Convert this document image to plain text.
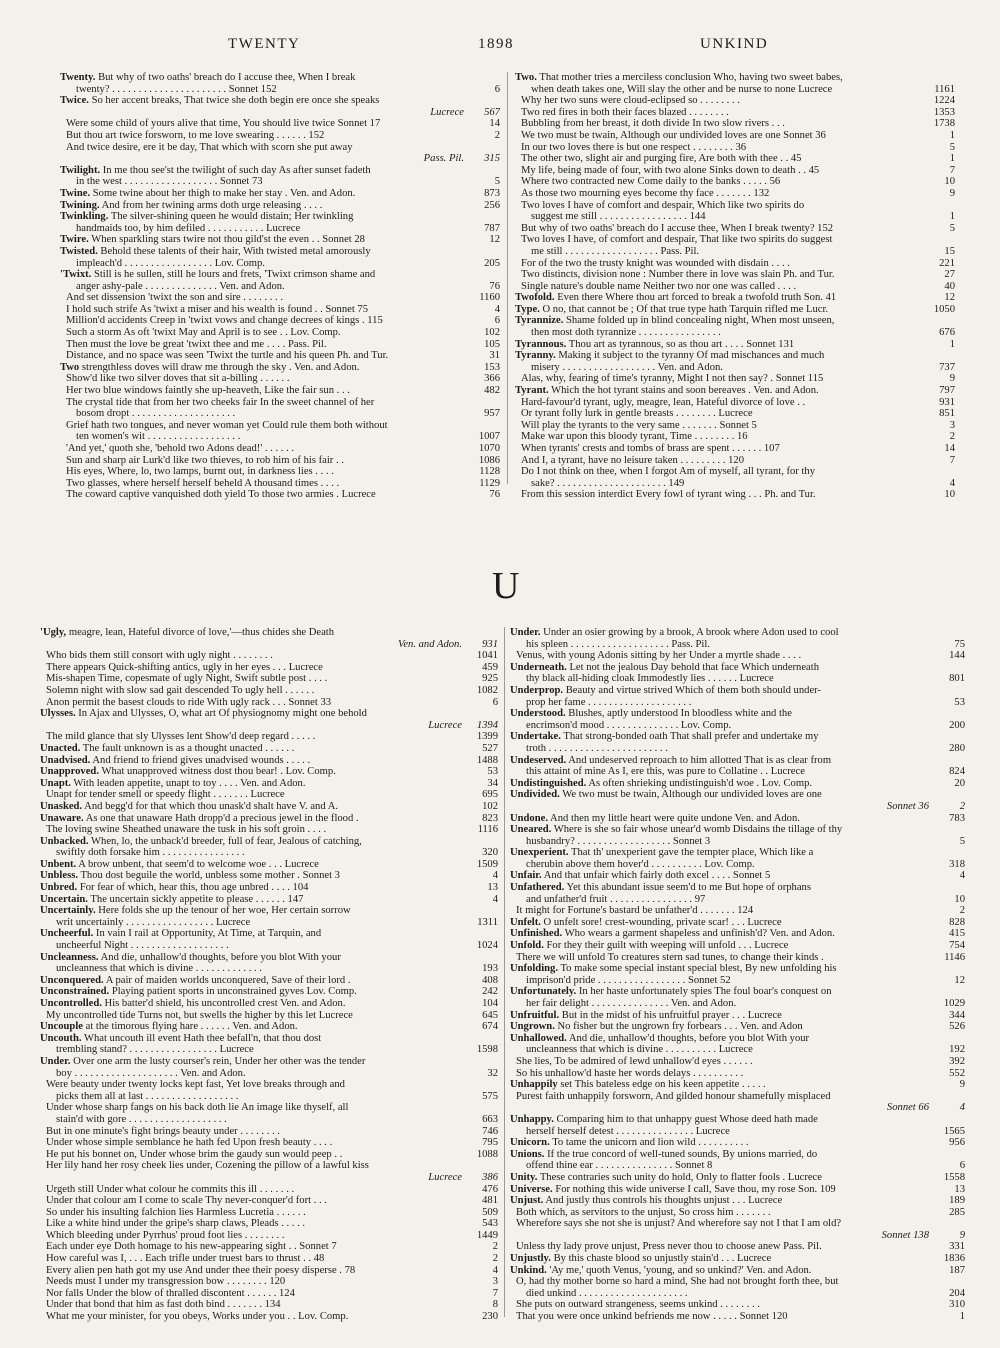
TWENTY	1898	UNKIND
Twenty. But why of two oaths' breach do I accuse thee, When I break
twenty? . . . . . . . . . . . . . . . . . . . . . . Sonnet 152	6
Twice. So her accent breaks, That twice she doth begin ere once she speaks
Lucrece	567
Were some child of yours alive that time, You should live twice Sonnet 17	14
But thou art twice forsworn, to me love swearing . . . . . . 152	2
And twice desire, ere it be day, That which with scorn she put away
Pass. Pil.	315
Twilight. In me thou see'st the twilight of such day As after sunset fadeth
in the west . . . . . . . . . . . . . . . . . . Sonnet 73	5
Twine. Some twine about her thigh to make her stay . Ven. and Adon.	873
Twining. And from her twining arms doth urge releasing . . . .	256
Twinkling. The silver-shining queen he would distain; Her twinkling
handmaids too, by him defiled . . . . . . . . . . . Lucrece	787
Twire. When sparkling stars twire not thou gild'st the even . . Sonnet 28	12
Twisted. Behold these talents of their hair, With twisted metal amorously
impleach'd . . . . . . . . . . . . . . . . . Lov. Comp.	205
'Twixt. Still is he sullen, still he lours and frets, 'Twixt crimson shame and
anger ashy-pale . . . . . . . . . . . . . . Ven. and Adon.	76
And set dissension 'twixt the son and sire . . . . . . . .	1160
I hold such strife As 'twixt a miser and his wealth is found . . Sonnet 75	4
Million'd accidents Creep in 'twixt vows and change decrees of kings . 115	6
Such a storm As oft 'twixt May and April is to see . . Lov. Comp.	102
Then must the love be great 'twixt thee and me . . . . Pass. Pil.	105
Distance, and no space was seen 'Twixt the turtle and his queen Ph. and Tur.	31
Two strengthless doves will draw me through the sky . Ven. and Adon.	153
Show'd like two silver doves that sit a-billing . . . . . .	366
Her two blue windows faintly she up-heaveth, Like the fair sun . . .	482
The crystal tide that from her two cheeks fair In the sweet channel of her
bosom dropt . . . . . . . . . . . . . . . . . . . .	957
Grief hath two tongues, and never woman yet Could rule them both without
ten women's wit . . . . . . . . . . . . . . . . . .	1007
'And yet,' quoth she, 'behold two Adons dead!' . . . . . .	1070
Sun and sharp air Lurk'd like two thieves, to rob him of his fair . .	1086
His eyes, Where, lo, two lamps, burnt out, in darkness lies . . . .	1128
Two glasses, where herself herself beheld A thousand times . . . .	1129
The coward captive vanquished doth yield To those two armies . Lucrece	76
Two. That mother tries a merciless conclusion Who, having two sweet babes,
when death takes one, Will slay the other and be nurse to none Lucrece	1161
Why her two suns were cloud-eclipsed so . . . . . . . .	1224
Two red fires in both their faces blazed . . . . . . . .	1353
Bubbling from her breast, it doth divide In two slow rivers . . .	1738
We two must be twain, Although our undivided loves are one Sonnet 36	1
In our two loves there is but one respect . . . . . . . . 36	5
The other two, slight air and purging fire, Are both with thee . . 45	1
My life, being made of four, with two alone Sinks down to death . . 45	7
Where two contracted new Come daily to the banks . . . . . 56	10
As those two mourning eyes become thy face . . . . . . . 132	9
Two loves I have of comfort and despair, Which like two spirits do
suggest me still . . . . . . . . . . . . . . . . . 144	1
But why of two oaths' breach do I accuse thee, When I break twenty? 152	5
Two loves I have, of comfort and despair, That like two spirits do suggest
me still . . . . . . . . . . . . . . . . . . Pass. Pil.	15
For of the two the trusty knight was wounded with disdain . . . .	221
Two distincts, division none : Number there in love was slain Ph. and Tur.	27
Single nature's double name Neither two nor one was called . . . .	40
Twofold. Even there Where thou art forced to break a twofold truth Son. 41	12
Type. O no, that cannot be ; Of that true type hath Tarquin rifled me Lucr.	1050
Tyrannize. Shame folded up in blind concealing night, When most unseen,
then most doth tyrannize . . . . . . . . . . . . . . . .	676
Tyrannous. Thou art as tyrannous, so as thou art . . . . Sonnet 131	1
Tyranny. Making it subject to the tyranny Of mad mischances and much
misery . . . . . . . . . . . . . . . . . . Ven. and Adon.	737
Alas, why, fearing of time's tyranny, Might I not then say? . Sonnet 115	9
Tyrant. Which the hot tyrant stains and soon bereaves . Ven. and Adon.	797
Hard-favour'd tyrant, ugly, meagre, lean, Hateful divorce of love . .	931
Or tyrant folly lurk in gentle breasts . . . . . . . . Lucrece	851
Will play the tyrants to the very same . . . . . . . Sonnet 5	3
Make war upon this bloody tyrant, Time . . . . . . . . 16	2
When tyrants' crests and tombs of brass are spent . . . . . . 107	14
And I, a tyrant, have no leisure taken . . . . . . . . . 120	7
Do I not think on thee, when I forgot Am of myself, all tyrant, for thy
sake? . . . . . . . . . . . . . . . . . . . . . 149	4
From this session interdict Every fowl of tyrant wing . . . Ph. and Tur.	10
U
'Ugly, meagre, lean, Hateful divorce of love,'—thus chides she Death
Ven. and Adon.	931
Who bids them still consort with ugly night . . . . . . . .	1041
There appears Quick-shifting antics, ugly in her eyes . . . Lucrece	459
Mis-shapen Time, copesmate of ugly Night, Swift subtle post . . . .	925
Solemn night with slow sad gait descended To ugly hell . . . . . .	1082
Anon permit the basest clouds to ride With ugly rack . . . Sonnet 33	6
Ulysses. In Ajax and Ulysses, O, what art Of physiognomy might one behold
Lucrece	1394
The mild glance that sly Ulysses lent Show'd deep regard . . . . .	1399
Unacted. The fault unknown is as a thought unacted . . . . . .	527
Unadvised. And friend to friend gives unadvised wounds . . . . .	1488
Unapproved. What unapproved witness dost thou bear! . Lov. Comp.	53
Unapt. With leaden appetite, unapt to toy . . . . Ven. and Adon.	34
Unapt for tender smell or speedy flight . . . . . . . Lucrece	695
Unasked. And begg'd for that which thou unask'd shalt have V. and A.	102
Unaware. As one that unaware Hath dropp'd a precious jewel in the flood .	823
The loving swine Sheathed unaware the tusk in his soft groin . . . .	1116
Unbacked. When, lo, the unback'd breeder, full of fear, Jealous of catching,
swiftly doth forsake him . . . . . . . . . . . . . . . .	320
Unbent. A brow unbent, that seem'd to welcome woe . . . Lucrece	1509
Unbless. Thou dost beguile the world, unbless some mother . Sonnet 3	4
Unbred. For fear of which, hear this, thou age unbred . . . . 104	13
Uncertain. The uncertain sickly appetite to please . . . . . . 147	4
Uncertainly. Here folds she up the tenour of her woe, Her certain sorrow
writ uncertainly . . . . . . . . . . . . . . . . . Lucrece	1311
Uncheerful. In vain I rail at Opportunity, At Time, at Tarquin, and
uncheerful Night . . . . . . . . . . . . . . . . . . .	1024
Uncleanness. And die, unhallow'd thoughts, before you blot With your
uncleanness that which is divine . . . . . . . . . . . . .	193
Unconquered. A pair of maiden worlds unconquered, Save of their lord .	408
Unconstrained. Playing patient sports in unconstrained gyves Lov. Comp.	242
Uncontrolled. His batter'd shield, his uncontrolled crest Ven. and Adon.	104
My uncontrolled tide Turns not, but swells the higher by this let Lucrece	645
Uncouple at the timorous flying hare . . . . . . Ven. and Adon.	674
Uncouth. What uncouth ill event Hath thee befall'n, that thou dost
trembling stand? . . . . . . . . . . . . . . . . . Lucrece	1598
Under. Over one arm the lusty courser's rein, Under her other was the tender
boy . . . . . . . . . . . . . . . . . . . . Ven. and Adon.	32
Were beauty under twenty locks kept fast, Yet love breaks through and
picks them all at last . . . . . . . . . . . . . . . . . .	575
Under whose sharp fangs on his back doth lie An image like thyself, all
stain'd with gore . . . . . . . . . . . . . . . . . . .	663
But in one minute's fight brings beauty under . . . . . . . .	746
Under whose simple semblance he hath fed Upon fresh beauty . . . .	795
He put his bonnet on, Under whose brim the gaudy sun would peep . .	1088
Her lily hand her rosy cheek lies under, Cozening the pillow of a lawful kiss
Lucrece	386
Urgeth still Under what colour he commits this ill . . . . . . .	476
Under that colour am I come to scale Thy never-conquer'd fort . . .	481
So under his insulting falchion lies Harmless Lucretia . . . . . .	509
Like a white hind under the gripe's sharp claws, Pleads . . . . .	543
Which bleeding under Pyrrhus' proud foot lies . . . . . . . .	1449
Each under eye Doth homage to his new-appearing sight . . Sonnet 7	2
How careful was I, . . . Each trifle under truest bars to thrust . . 48	2
Every alien pen hath got my use And under thee their poesy disperse . 78	4
Needs must I under my transgression bow . . . . . . . . 120	3
Nor falls Under the blow of thralled discontent . . . . . . 124	7
Under that bond that him as fast doth bind . . . . . . . 134	8
What me your minister, for you obeys, Works under you . . Lov. Comp.	230
Under. Under an osier growing by a brook, A brook where Adon used to cool
his spleen . . . . . . . . . . . . . . . . . . . Pass. Pil.	75
Venus, with young Adonis sitting by her Under a myrtle shade . . . .	144
Underneath. Let not the jealous Day behold that face Which underneath
thy black all-hiding cloak Immodestly lies . . . . . . Lucrece	801
Underprop. Beauty and virtue strived Which of them both should under-
prop her fame . . . . . . . . . . . . . . . . . . . .	53
Understood. Blushes, aptly understood In bloodless white and the
encrimson'd mood . . . . . . . . . . . . . . Lov. Comp.	200
Undertake. That strong-bonded oath That shall prefer and undertake my
troth . . . . . . . . . . . . . . . . . . . . . . .	280
Undeserved. And undeserved reproach to him allotted That is as clear from
this attaint of mine As I, ere this, was pure to Collatine . . Lucrece	824
Undistinguished. As often shrieking undistinguish'd woe . Lov. Comp.	20
Undivided. We two must be twain, Although our undivided loves are one
Sonnet 36	2
Undone. And then my little heart were quite undone Ven. and Adon.	783
Uneared. Where is she so fair whose unear'd womb Disdains the tillage of thy
husbandry? . . . . . . . . . . . . . . . . . . Sonnet 3	5
Unexperient. That th' unexperient gave the tempter place, Which like a
cherubin above them hover'd . . . . . . . . . . Lov. Comp.	318
Unfair. And that unfair which fairly doth excel . . . . Sonnet 5	4
Unfathered. Yet this abundant issue seem'd to me But hope of orphans
and unfather'd fruit . . . . . . . . . . . . . . . . 97	10
It might for Fortune's bastard be unfather'd . . . . . . . 124	2
Unfelt. O unfelt sore! crest-wounding, private scar! . . . Lucrece	828
Unfinished. Who wears a garment shapeless and unfinish'd? Ven. and Adon.	415
Unfold. For they their guilt with weeping will unfold . . . Lucrece	754
There we will unfold To creatures stern sad tunes, to change their kinds .	1146
Unfolding. To make some special instant special blest, By new unfolding his
imprison'd pride . . . . . . . . . . . . . . . . . Sonnet 52	12
Unfortunately. In her haste unfortunately spies The foul boar's conquest on
her fair delight . . . . . . . . . . . . . . . Ven. and Adon.	1029
Unfruitful. But in the midst of his unfruitful prayer . . . Lucrece	344
Ungrown. No fisher but the ungrown fry forbears . . . Ven. and Adon	526
Unhallowed. And die, unhallow'd thoughts, before you blot With your
uncleanness that which is divine . . . . . . . . . . Lucrece	192
She lies, To be admired of lewd unhallow'd eyes . . . . . .	392
So his unhallow'd haste her words delays . . . . . . . . . .	552
Unhappily set This bateless edge on his keen appetite . . . . .	9
Purest faith unhappily forsworn, And gilded honour shamefully misplaced
Sonnet 66	4
Unhappy. Comparing him to that unhappy guest Whose deed hath made
herself herself detest . . . . . . . . . . . . . . . Lucrece	1565
Unicorn. To tame the unicorn and lion wild . . . . . . . . . .	956
Unions. If the true concord of well-tuned sounds, By unions married, do
offend thine ear . . . . . . . . . . . . . . . Sonnet 8	6
Unity. These contraries such unity do hold, Only to flatter fools . Lucrece	1558
Universe. For nothing this wide universe I call, Save thou, my rose Son. 109	13
Unjust. And justly thus controls his thoughts unjust . . . Lucrece	189
Both which, as servitors to the unjust, So cross him . . . . . . .	285
Wherefore says she not she is unjust? And wherefore say not I that I am old?
Sonnet 138	9
Unless thy lady prove unjust, Press never thou to choose anew Pass. Pil.	331
Unjustly. By this chaste blood so unjustly stain'd . . . Lucrece	1836
Unkind. 'Ay me,' quoth Venus, 'young, and so unkind?' Ven. and Adon.	187
O, had thy mother borne so hard a mind, She had not brought forth thee, but
died unkind . . . . . . . . . . . . . . . . . . . . .	204
She puts on outward strangeness, seems unkind . . . . . . . .	310
That you were once unkind befriends me now . . . . . Sonnet 120	1
